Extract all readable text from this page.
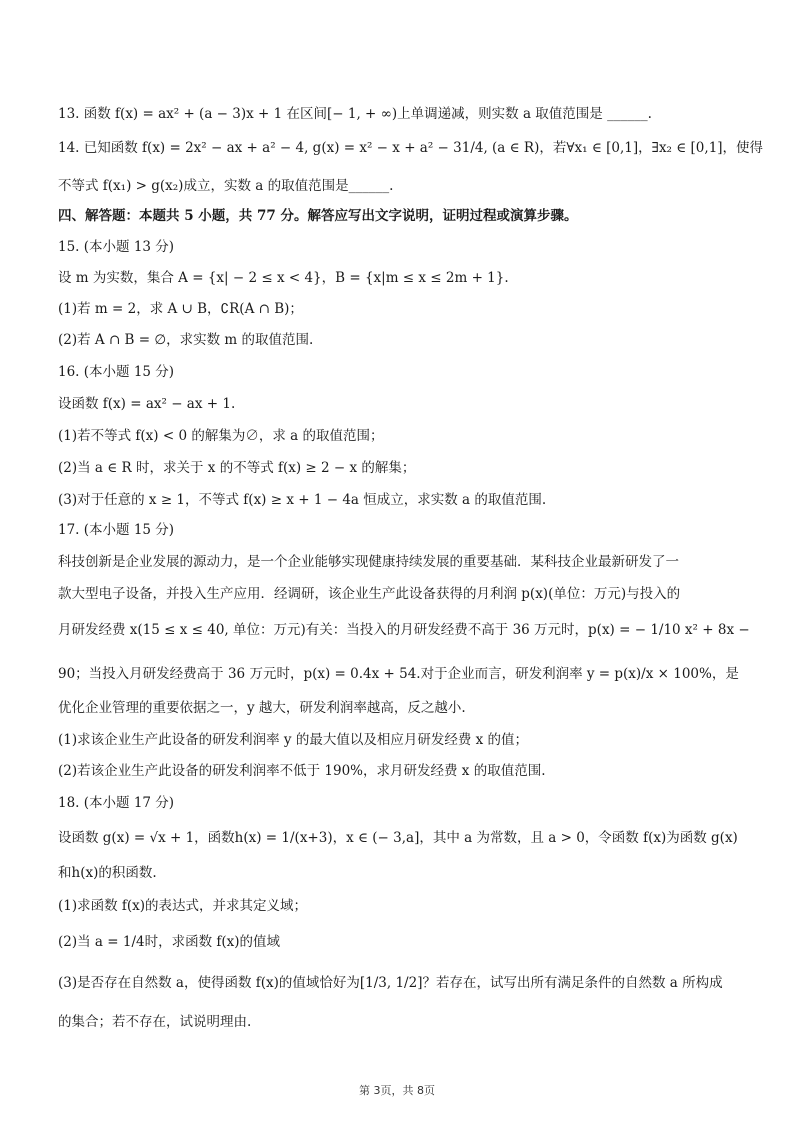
13. 函数 f(x) = ax² + (a − 3)x + 1 在区间[− 1, + ∞)上单调递减，则实数 a 取值范围是 ______.
14. 已知函数 f(x) = 2x² − ax + a² − 4, g(x) = x² − x + a² − 31/4, (a ∈ R)，若∀x₁ ∈ [0,1]，∃x₂ ∈ [0,1]，使得
不等式 f(x₁) > g(x₂)成立，实数 a 的取值范围是______.
四、解答题：本题共 5 小题，共 77 分。解答应写出文字说明，证明过程或演算步骤。
15. (本小题 13 分)
设 m 为实数，集合 A = {x| − 2 ≤ x < 4}，B = {x|m ≤ x ≤ 2m + 1}.
(1)若 m = 2，求 A ∪ B，∁R(A ∩ B)；
(2)若 A ∩ B = ∅，求实数 m 的取值范围.
16. (本小题 15 分)
设函数 f(x) = ax² − ax + 1.
(1)若不等式 f(x) < 0 的解集为∅，求 a 的取值范围；
(2)当 a ∈ R 时，求关于 x 的不等式 f(x) ≥ 2 − x 的解集；
(3)对于任意的 x ≥ 1，不等式 f(x) ≥ x + 1 − 4a 恒成立，求实数 a 的取值范围.
17. (本小题 15 分)
科技创新是企业发展的源动力，是一个企业能够实现健康持续发展的重要基础．某科技企业最新研发了一
款大型电子设备，并投入生产应用．经调研，该企业生产此设备获得的月利润 p(x)(单位：万元)与投入的
月研发经费 x(15 ≤ x ≤ 40, 单位：万元)有关：当投入的月研发经费不高于 36 万元时，p(x) = − 1/10 x² + 8x −
90；当投入月研发经费高于 36 万元时，p(x) = 0.4x + 54.对于企业而言，研发利润率 y = p(x)/x × 100%，是
优化企业管理的重要依据之一，y 越大，研发利润率越高，反之越小.
(1)求该企业生产此设备的研发利润率 y 的最大值以及相应月研发经费 x 的值；
(2)若该企业生产此设备的研发利润率不低于 190%，求月研发经费 x 的取值范围.
18. (本小题 17 分)
设函数 g(x) = √x + 1，函数h(x) = 1/(x+3)，x ∈ (− 3,a]，其中 a 为常数，且 a > 0，令函数 f(x)为函数 g(x)
和h(x)的积函数.
(1)求函数 f(x)的表达式，并求其定义域；
(2)当 a = 1/4时，求函数 f(x)的值域
(3)是否存在自然数 a，使得函数 f(x)的值域恰好为[1/3, 1/2]？若存在，试写出所有满足条件的自然数 a 所构成
的集合；若不存在，试说明理由.
第 3页，共 8页
